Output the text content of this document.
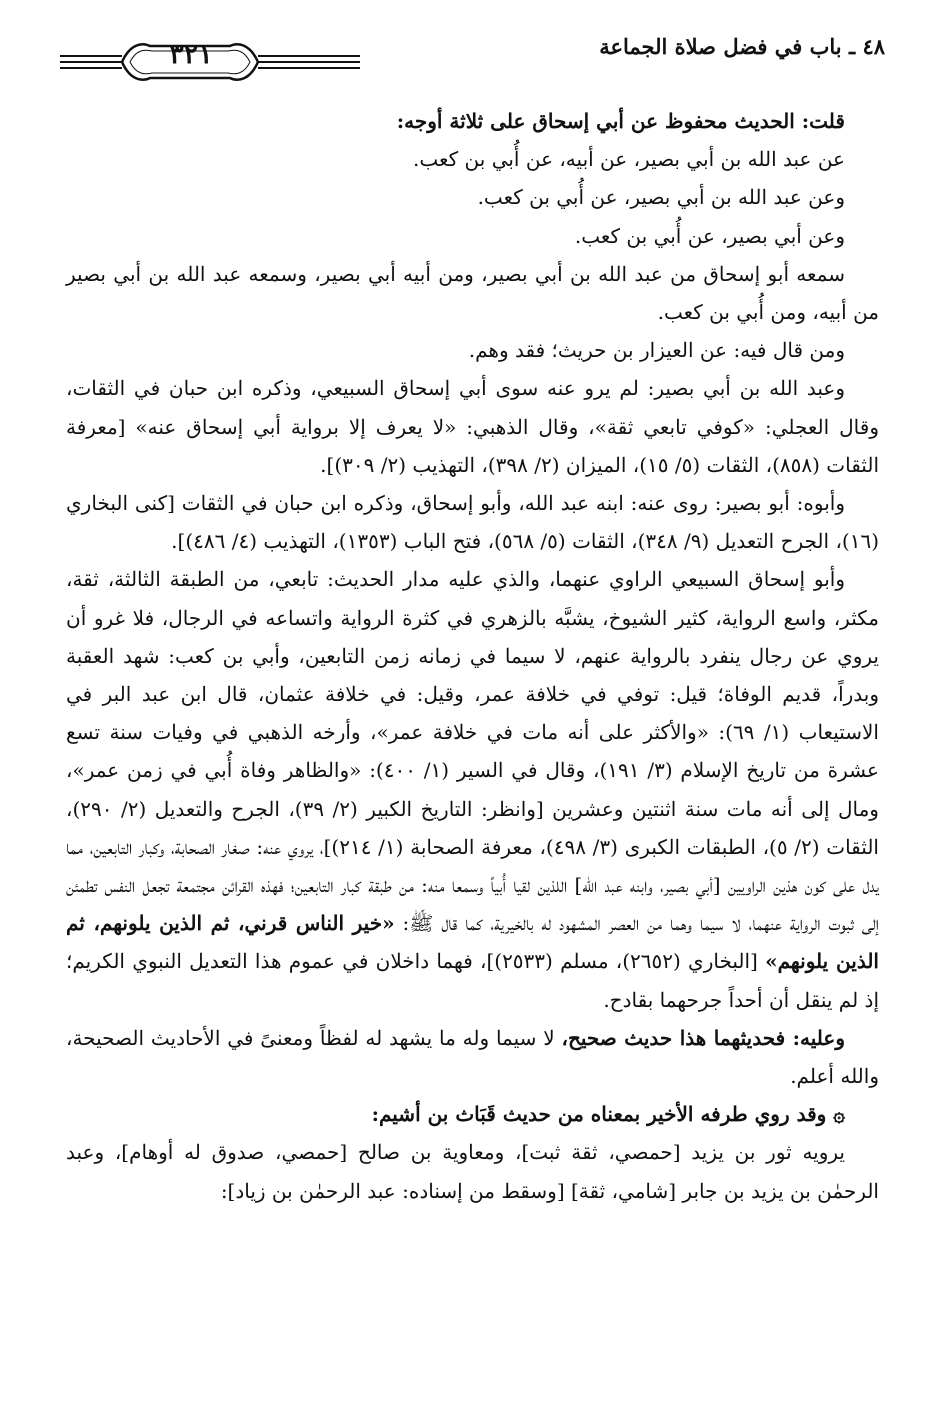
٤٨ ـ باب في فضل صلاة الجماعة
٣٢١

قلت: الحديث محفوظ عن أبي إسحاق على ثلاثة أوجه:

عن عبد الله بن أبي بصير، عن أبيه، عن أُبي بن كعب.

وعن عبد الله بن أبي بصير، عن أُبي بن كعب.

وعن أبي بصير، عن أُبي بن كعب.

سمعه أبو إسحاق من عبد الله بن أبي بصير، ومن أبيه أبي بصير، وسمعه عبد الله بن أبي بصير من أبيه، ومن أُبي بن كعب.

ومن قال فيه: عن العيزار بن حريث؛ فقد وهم.

وعبد الله بن أبي بصير: لم يرو عنه سوى أبي إسحاق السبيعي، وذكره ابن حبان في الثقات، وقال العجلي: «كوفي تابعي ثقة»، وقال الذهبي: «لا يعرف إلا برواية أبي إسحاق عنه» [معرفة الثقات (٨٥٨)، الثقات (٥/ ١٥)، الميزان (٢/ ٣٩٨)، التهذيب (٢/ ٣٠٩)].

وأبوه: أبو بصير: روى عنه: ابنه عبد الله، وأبو إسحاق، وذكره ابن حبان في الثقات [كنى البخاري (١٦)، الجرح التعديل (٩/ ٣٤٨)، الثقات (٥/ ٥٦٨)، فتح الباب (١٣٥٣)، التهذيب (٤/ ٤٨٦)].

وأبو إسحاق السبيعي الراوي عنهما، والذي عليه مدار الحديث: تابعي، من الطبقة الثالثة، ثقة، مكثر، واسع الرواية، كثير الشيوخ، يشبَّه بالزهري في كثرة الرواية واتساعه في الرجال، فلا غرو أن يروي عن رجال ينفرد بالرواية عنهم، لا سيما في زمانه زمن التابعين، وأبي بن كعب: شهد العقبة وبدراً، قديم الوفاة؛ قيل: توفي في خلافة عمر، وقيل: في خلافة عثمان، قال ابن عبد البر في الاستيعاب (١/ ٦٩): «والأكثر على أنه مات في خلافة عمر»، وأرخه الذهبي في وفيات سنة تسع عشرة من تاريخ الإسلام (٣/ ١٩١)، وقال في السير (١/ ٤٠٠): «والظاهر وفاة أُبي في زمن عمر»، ومال إلى أنه مات سنة اثنتين وعشرين [وانظر: التاريخ الكبير (٢/ ٣٩)، الجرح والتعديل (٢/ ٢٩٠)، الثقات (٢/ ٥)، الطبقات الكبرى (٣/ ٤٩٨)، معرفة الصحابة (١/ ٢١٤)]، يروي عنه: صغار الصحابة، وكبار التابعين، مما يدل على كون هذين الراويين [أبي بصير، وابنه عبد الله] اللذين لقيا أُبياً وسمعا منه: من طبقة كبار التابعين؛ فهذه القرائن مجتمعة تجعل النفس تطمئن إلى ثبوت الرواية عنهما، لا سيما وهما من العصر المشهود له بالخيرية، كما قال ﷺ: «خير الناس قرني، ثم الذين يلونهم، ثم الذين يلونهم» [البخاري (٢٦٥٢)، مسلم (٢٥٣٣)]، فهما داخلان في عموم هذا التعديل النبوي الكريم؛ إذ لم ينقل أن أحداً جرحهما بقادح.

وعليه: فحديثهما هذا حديث صحيح، لا سيما وله ما يشهد له لفظاً ومعنىً في الأحاديث الصحيحة، والله أعلم.

۞ وقد روي طرفه الأخير بمعناه من حديث قَبَاث بن أشيم:

يرويه ثور بن يزيد [حمصي، ثقة ثبت]، ومعاوية بن صالح [حمصي، صدوق له أوهام]، وعبد الرحمٰن بن يزيد بن جابر [شامي، ثقة] [وسقط من إسناده: عبد الرحمٰن بن زياد]:
